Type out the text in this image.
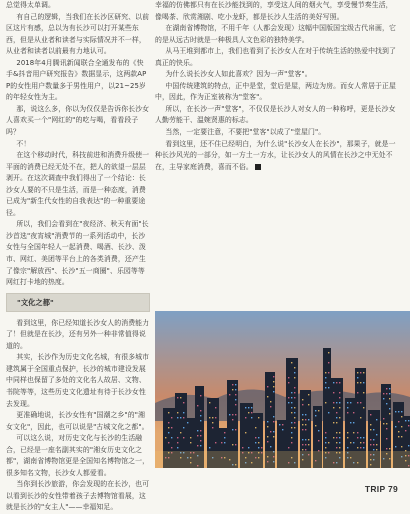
总觉得太单调。

有自己的逻辑，当我们在长沙区研究、以前区这片有感，总以为有长沙可以打开某些东西，但是从业者和读者与实际情况并不一样，从业者和读者以前最有力地认可。

2018年4月腾讯新闻联合全通发布的《快手&抖音用户研究报告》数据显示，这两款APP的女性用户数量多于男性用户，以21~25岁的年轻女性为主。

那，说这么多，你以为仅仅是告诉你长沙女人喜欢买一个"网红的"的吃与喝，看看段子吗？

不！

在这个移动时代，科技前进和消费升级使一平面的消费已经无处不在，把人的欲望一层层剥开。在这次调查中我们得出了一个结论：长沙女人要的不只是生活，而是一种态度，消费已成为"新生代女性的自我表达"的一种重要途径。

所以，我们会看到在"夜经济、秋天有面"长沙首选"夜宵城"消费节的一系列活动中，长沙女性与全国年轻人一起消费、喝酒、长沙、泼市、网红、美团等平台上的各类消费，还产生了像宗"解放西"、长沙"五一商圈"、乐园等等网红打卡地的热度。

"文化之都"

看到这里，你已经知道长沙女人的消费能力了！但就是在长沙，还有另外一种非常值得说道的。

其实，长沙作为历史文化名城，有很多城市建筑属于全国重点保护，长沙的城市建设发展中同样也保留了多处的文化名人故居、文物、书院等等，这些历史文化遗址有待于长沙女性去发现。

更准确地说，长沙女性有"国潮之乡"的"湘女文化"，因此，也可以说是"古城文化之都"。

可以这么说，对历史文化与长沙的生活融合，已经是一座名副其实的"湘女历史文化之都"，湖南省博物馆更是全国知名博物馆之一，很多知名文物，长沙女人都爱看。

当你到长沙旅游，你会发现的在长沙，也可以看到长沙的女性带着孩子去博物馆看展，这就是长沙的"女主人"——幸福知足。

幸福的仿佛都只有在长沙能找到的，享受这人间的烟火气，享受慢节奏生活，像喝茶、欣赏湘剧、吃小龙虾，都是长沙人生活的美好写照。

在湖南省博物馆，不用千年（人都会发现）这幅中国版国宝级古代帛画，它的是从远古时就是一种极具人文色彩的独特美学。

从马王堆到都市上，我们也看到了长沙女人在对于传统生活的热爱中找到了真正的快乐。

为什么说长沙女人如此喜欢？因为一声"堂客"。

中国传统建筑的特点，正中是堂，堂后是屋，两边为房。而女人常居于正屋中，因此，作为正室被称为"堂客"。

所以，在长沙一声"堂客"，不仅仅是长沙人对女人的一种称呼，更是长沙女人勤劳能干、温婉贤惠的标志。

当然，一定要注意，不要把"堂客"以成了"堂屋门"。

看到这里，还不住已经明白，为什么说"长沙女人在长沙"，那果子，就是一种长沙风光的一部分，如一方土一方水，让长沙女人的风情在长沙之中无处不在，主导家庭消费，喜而不俗。

TRIP 79
